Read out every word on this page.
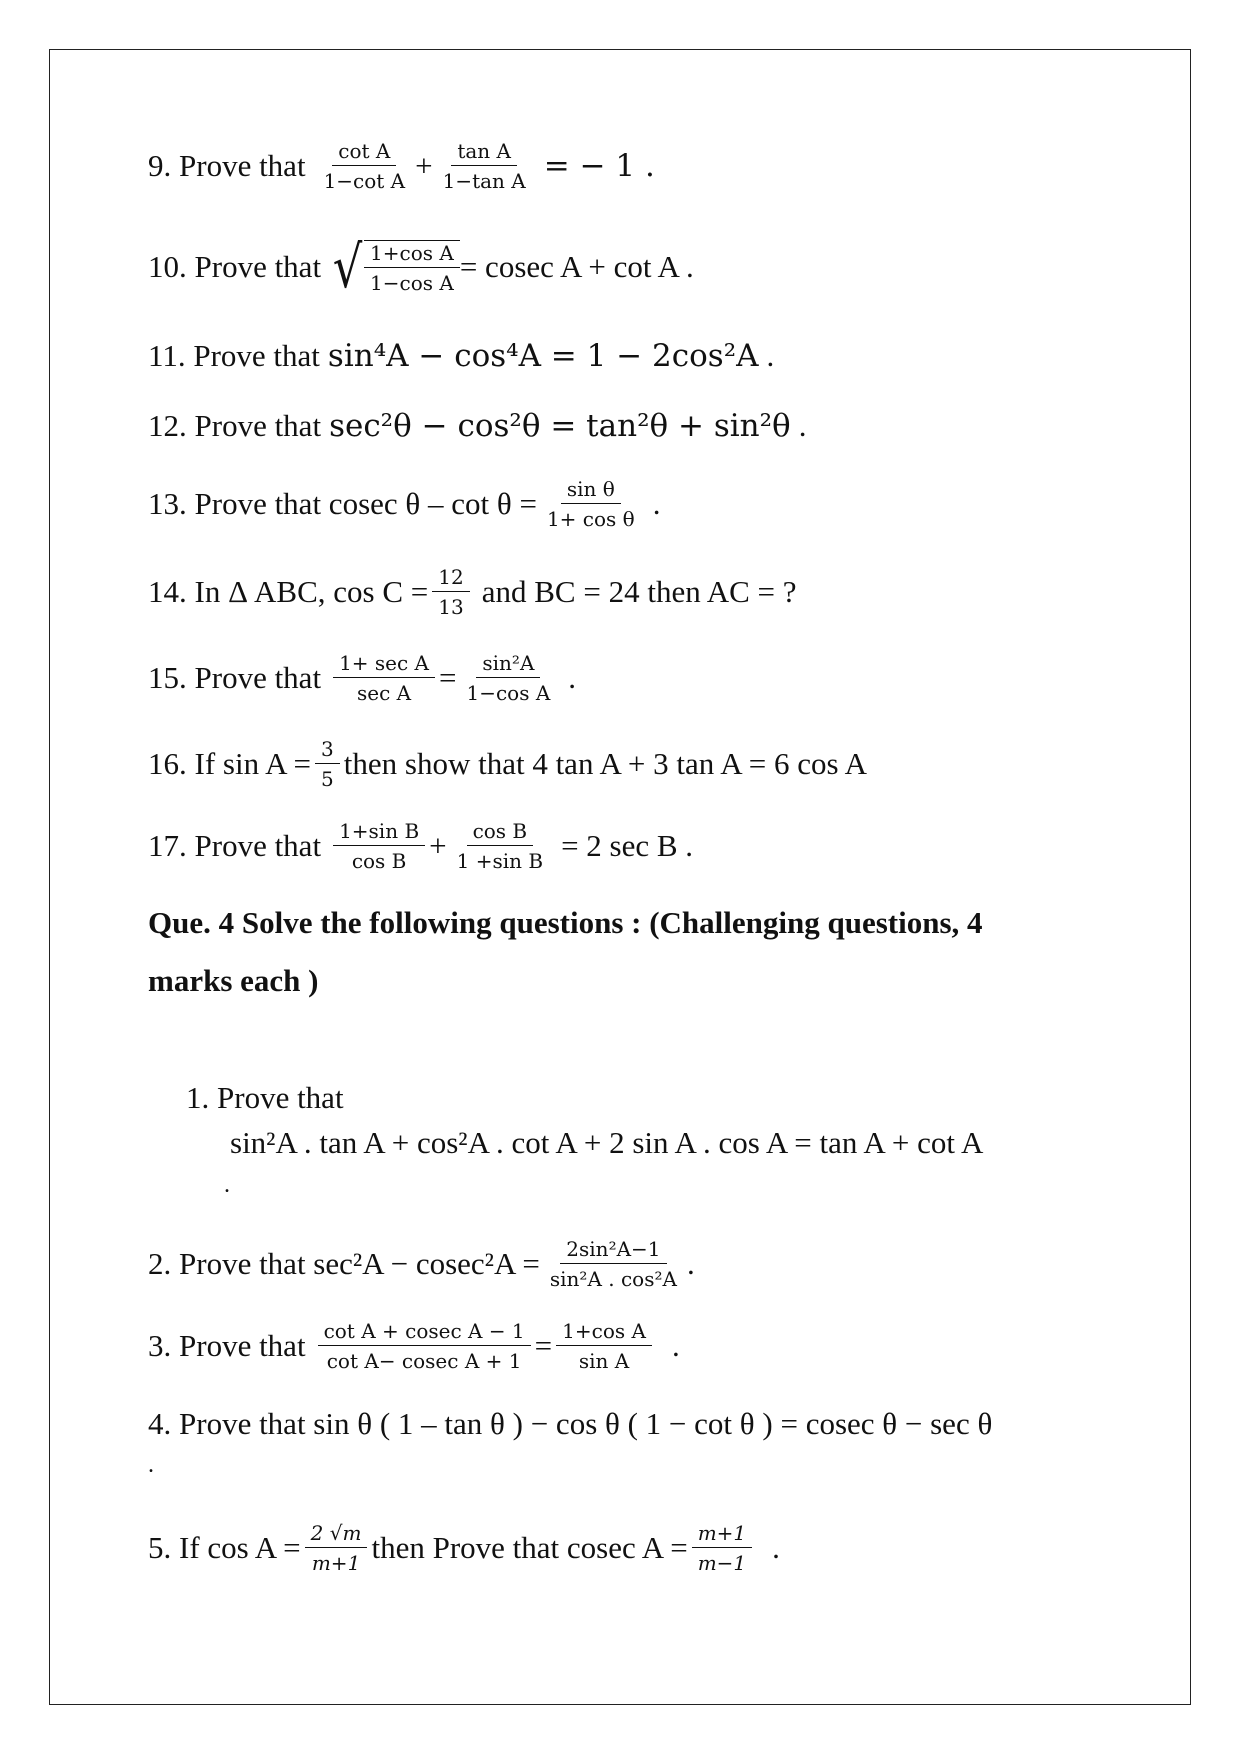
9. Prove that $\frac{\text{cot A}}{\text{1−cot A}} + \frac{\text{tan A}}{\text{1−tan A}}$ = − 1 .
10. Prove that √ $\frac{\text{1+cos A}}{\text{1−cos A}} = cosec$ A + cot A .
11. Prove that sin⁴A − cos⁴A = 1 − 2cos²A .
12. Prove that sec²θ − cos²θ = tan²θ + sin²θ .
13. Prove that cosec $\theta - \cot \theta = \frac{\text{sin θ}}{\text{1+ cos θ}}$ .
14. In Δ ABC, $\cos C = \frac{12}{13}$ and BC = 24 then AC = ?
15. Prove that $\frac{\text{1+ sec A}}{\text{sec A}} = \frac{\text{sin²A}}{\text{1−cos A}}$ .
16. If $\sin A = \frac{3}{5}$ then show that 4 tan A + 3 tan A = 6 cos A
17. Prove that $\frac{\text{1+sin B}}{\text{cos B}} + \frac{\text{cos B}}{\text{1 +sin B}} = 2$ sec B .
Que. 4 Solve the following questions : (Challenging questions, 4
marks each )
1. Prove that
sin²A . tan A + cos²A . cot A + 2 sin A . cos A = tan A + cot A
.
2. Prove that $\sec^2A - cosec^2A = \frac{\text{2sin²A−1}}{\text{sin²A . cos²A}}$ .
3. Prove that $\frac{\text{cot A + cosec A − 1}}{\text{cot A− cosec A + 1}} = \frac{\text{1+cos A}}{\text{sin A}}$ .
4. Prove that sin θ ( 1 – tan θ ) − cos θ ( 1 − cot θ ) = cosec θ − sec θ
.
5. If $\cos A = \frac{2 √m}{m+1}$ then Prove that cosec $A = \frac{m+1}{m-1}$ .
